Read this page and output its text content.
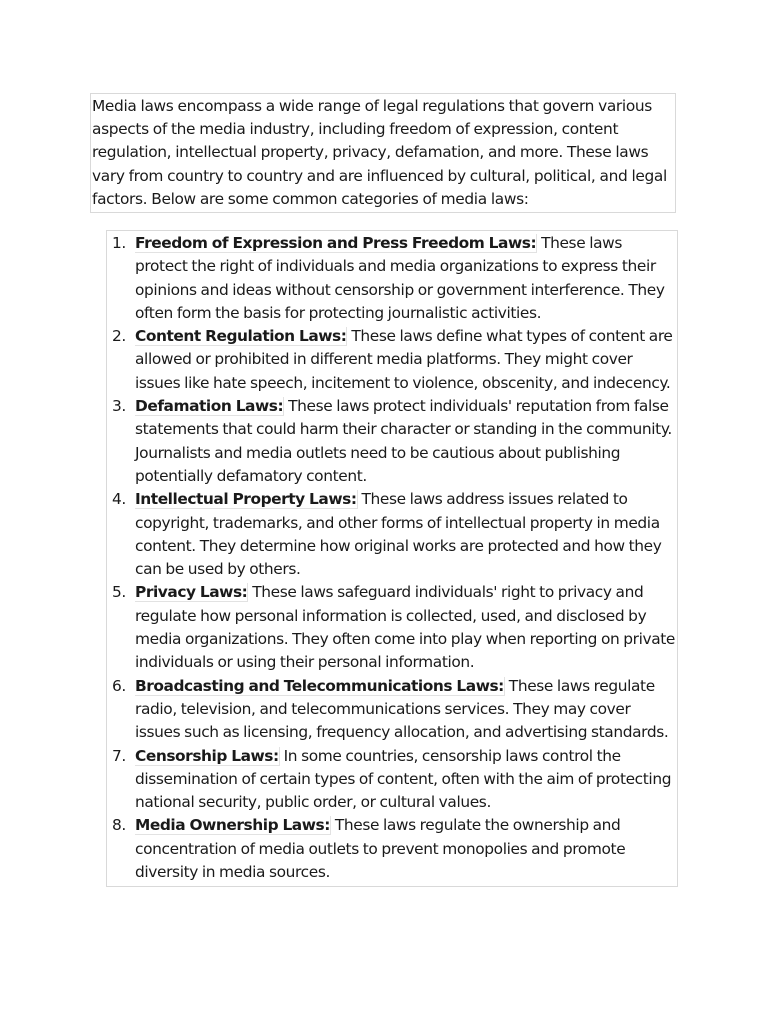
Media laws encompass a wide range of legal regulations that govern various aspects of the media industry, including freedom of expression, content regulation, intellectual property, privacy, defamation, and more. These laws vary from country to country and are influenced by cultural, political, and legal factors. Below are some common categories of media laws:
1. Freedom of Expression and Press Freedom Laws: These laws protect the right of individuals and media organizations to express their opinions and ideas without censorship or government interference. They often form the basis for protecting journalistic activities.
2. Content Regulation Laws: These laws define what types of content are allowed or prohibited in different media platforms. They might cover issues like hate speech, incitement to violence, obscenity, and indecency.
3. Defamation Laws: These laws protect individuals' reputation from false statements that could harm their character or standing in the community. Journalists and media outlets need to be cautious about publishing potentially defamatory content.
4. Intellectual Property Laws: These laws address issues related to copyright, trademarks, and other forms of intellectual property in media content. They determine how original works are protected and how they can be used by others.
5. Privacy Laws: These laws safeguard individuals' right to privacy and regulate how personal information is collected, used, and disclosed by media organizations. They often come into play when reporting on private individuals or using their personal information.
6. Broadcasting and Telecommunications Laws: These laws regulate radio, television, and telecommunications services. They may cover issues such as licensing, frequency allocation, and advertising standards.
7. Censorship Laws: In some countries, censorship laws control the dissemination of certain types of content, often with the aim of protecting national security, public order, or cultural values.
8. Media Ownership Laws: These laws regulate the ownership and concentration of media outlets to prevent monopolies and promote diversity in media sources.
